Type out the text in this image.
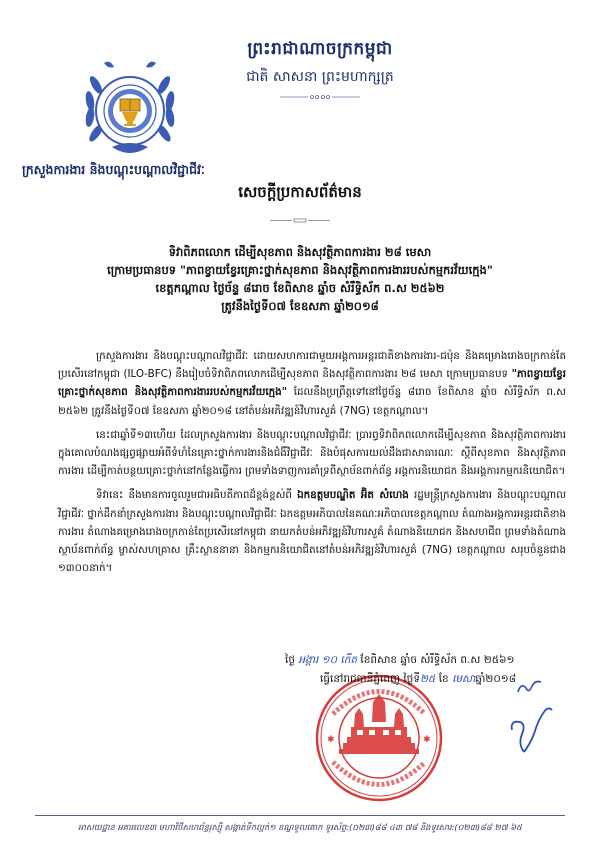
ព្រះរាជាណាចក្រកម្ពុជា
ជាតិ សាសនា ព្រះមហាក្សត្រ
ក្រសួងការងារ និងបណ្តុះបណ្តាលវិជ្ជាជីវៈ
សេចក្តីប្រកាសព័ត៌មាន
ទិវាពិភពលោក ដើម្បីសុខភាព និងសុវត្ថិភាពការងារ ២៨ មេសា
ក្រោមប្រធានបទ "ភាពខ្វាយខ្វែរគ្រោះថ្នាក់សុខភាព និងសុវត្ថិភាពការងាររបស់កម្មករវ័យក្មេង"
ខេត្តកណ្តាល ថ្ងៃច័ន្ទ ៨រោច ខែពិសាខ ឆ្នាំច សំរឹទ្ធិស័ក ព.ស ២៥៦២
ត្រូវនឹងថ្ងៃទី០៧ ខែឧសភា ឆ្នាំ២០១៨

ក្រសួងការងារ និងបណ្តុះបណ្តាលវិជ្ជាជីវៈ ដោយសហការជាមួយអង្គការអន្តរជាតិខាងការងារ-ជប៉ុន និងគម្រោងរោងចក្រកាន់តែប្រសើរនៅកម្ពុជា (ILO-BFC) នឹងរៀបចំទិវាពិភពលោកដើម្បីសុខភាព និងសុវត្ថិភាពការងារ ២៨ មេសា ក្រោមប្រធានបទ "ភាពខ្វាយខ្វែរគ្រោះថ្នាក់សុខភាព និងសុវត្ថិភាពការងាររបស់កម្មករវ័យក្មេង" ដែលនឹងប្រព្រឹត្តទៅនៅថ្ងៃច័ន្ទ ៨រោច ខែពិសាខ ឆ្នាំច សំរឹទ្ធិស័ក ព.ស ២៥៦២ ត្រូវនឹងថ្ងៃទី០៧ ខែឧសភា ឆ្នាំ២០១៨ នៅតំបន់អភិវឌ្ឍន៍វិហារសួគ៌ (7NG) ខេត្តកណ្តាល។

នេះជាឆ្នាំទី១៣ហើយ ដែលក្រសួងការងារ និងបណ្តុះបណ្តាលវិជ្ជាជីវៈ ប្រារព្ធទិវាពិភពលោកដើម្បីសុខភាព និងសុវត្ថិភាពការងារ ក្នុងគោលបំណងផ្សព្វផ្សាយអំពីទំហំនៃគ្រោះថ្នាក់ការងារនិងជំងឺវិជ្ជាជីវៈ និងបំផុសការយល់ដឹងជាសាធារណៈ ស្តីពីសុខភាព និងសុវត្ថិភាពការងារ ដើម្បីកាត់បន្ថយគ្រោះថ្នាក់នៅកន្លែងធ្វើការ ព្រមទាំងទាញការគាំទ្រពីស្ថាប័នពាក់ព័ន្ធ អង្គការនិយោជក និងអង្គការកម្មករនិយោជិត។

ទិវានេះ នឹងមានការចូលរួមជាអធិបតីភាពដ៏ខ្ពង់ខ្ពស់ពី ឯកឧត្តមបណ្ឌិត អ៊ិត សំហេង រដ្ឋមន្ត្រីក្រសួងការងារ និងបណ្តុះបណ្តាលវិជ្ជាជីវៈ ថ្នាក់ដឹកនាំក្រសួងការងារ និងបណ្តុះបណ្តាលវិជ្ជាជីវៈ ឯកឧត្តមអភិបាលនៃគណៈអភិបាលខេត្តកណ្តាល តំណាងអង្គការអន្តរជាតិខាងការងារ តំណាងគម្រោងរោងចក្រកាន់តែប្រសើរនៅកម្ពុជា នាយកតំបន់អភិវឌ្ឍន៍វិហារសួគ៌ តំណាងនិយោជក និងសហជីព ព្រមទាំងតំណាងស្ថាប័នពាក់ព័ន្ធ ម្ចាស់សហគ្រាស គ្រឹះស្ថាននានា និងកម្មករនិយោជិតនៅតំបន់អភិវឌ្ឍន៍វិហារសួគ៌ (7NG) ខេត្តកណ្តាល សរុបចំនួនជាង ១៣០០នាក់។

✱	✱
ថ្ងៃ អង្គារ ១០ កើត ខែពិសាខ ឆ្នាំច សំរឹទ្ធិស័ក ព.ស ២៥៦១
ធ្វើនៅរាជធានីភ្នំពេញ ថ្ងៃទី២៥ ខែ មេសាឆ្នាំ២០១៨
អាសយដ្ឋាន អគារលេខ៣ មហាវិថីសហព័ន្ធរុស្ស៊ី សង្កាត់ទឹកល្អក់១ ខណ្ឌទួលគោក ទូរស័ព្ទ:(០២៣)៨៨ ៤៣ ៧៨ និងទូរសារ:(០២៣)៨៨ ២៧ ៦៥
